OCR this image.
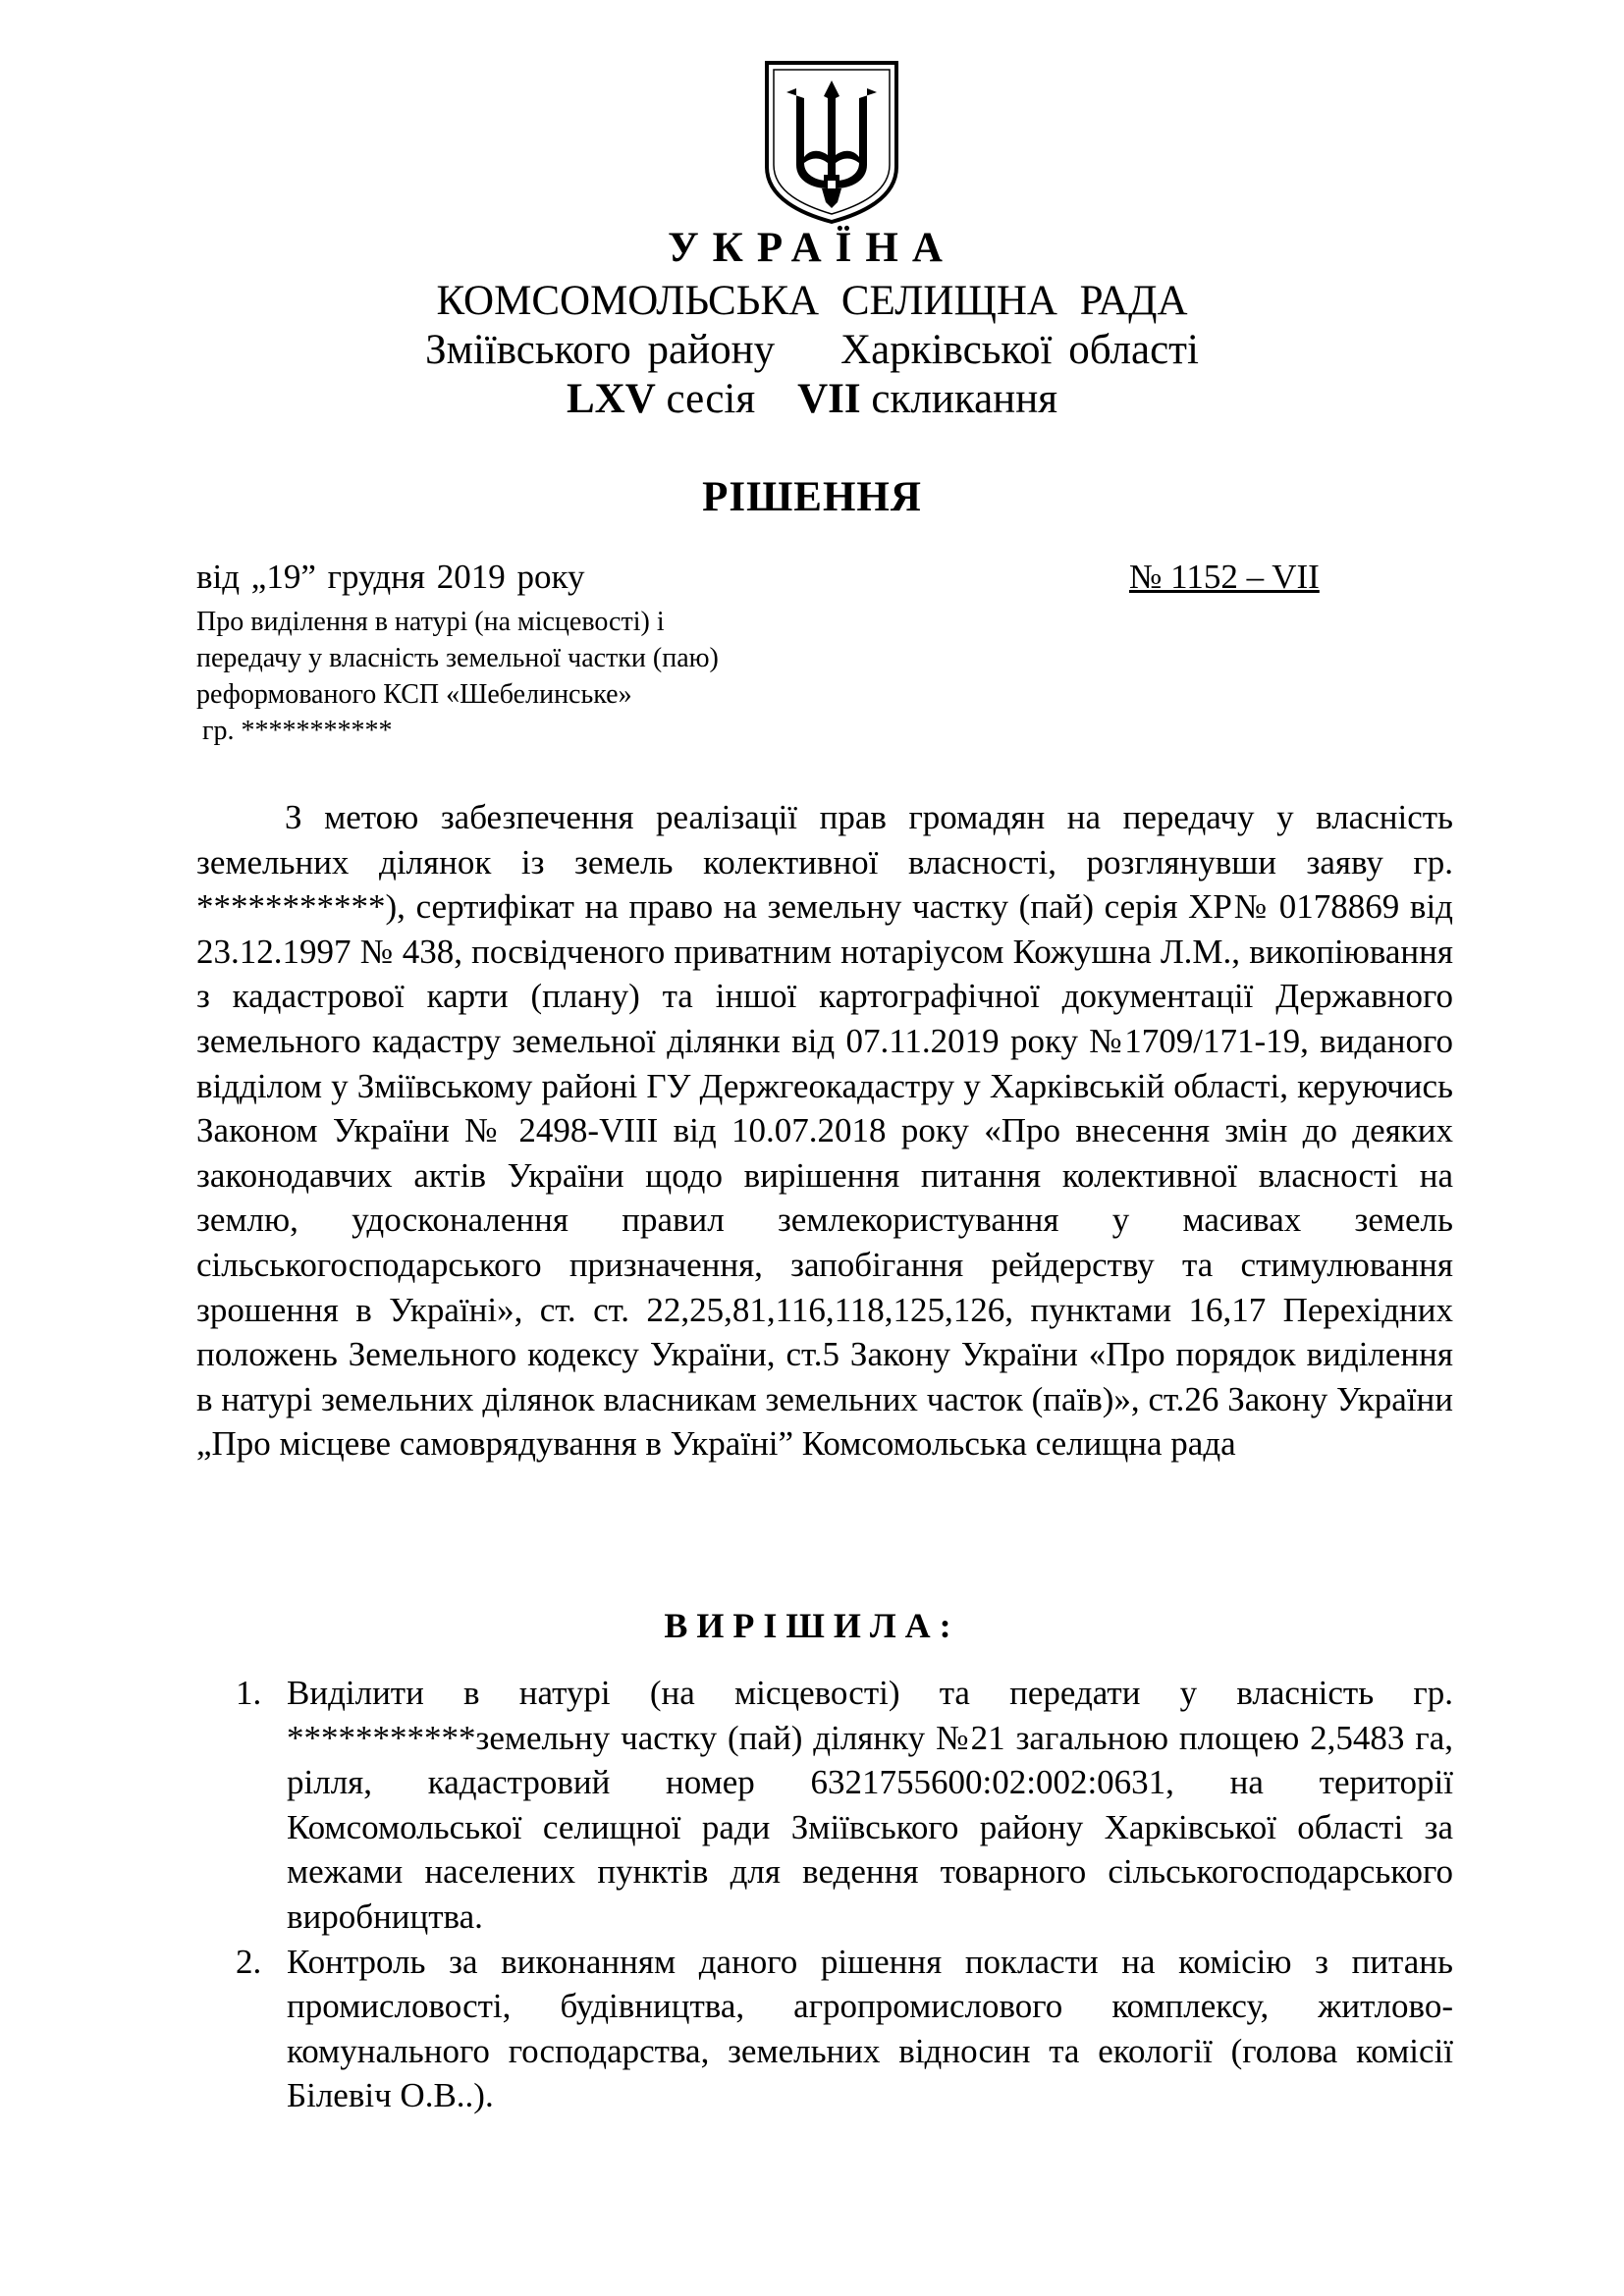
УКРАЇНА
КОМСОМОЛЬСЬКА СЕЛИЩНА РАДА
Зміївського району    Харківської області
LXV сесія VII скликання
РІШЕННЯ
від „19” грудня 2019 року	№ 1152 – VII
Про виділення в натурі (на місцевості) і
передачу у власність земельної частки (паю)
реформованого КСП «Шебелинське»
гр. ***********

З метою забезпечення реалізації прав громадян на передачу у власність земельних ділянок із земель колективної власності, розглянувши заяву гр. ***********), сертифікат на право на земельну частку (пай) серія ХР№ 0178869 від 23.12.1997 № 438, посвідченого приватним нотаріусом Кожушна Л.М., викопіювання з кадастрової карти (плану) та іншої картографічної документації Державного земельного кадастру земельної ділянки від 07.11.2019 року №1709/171-19, виданого відділом у Зміївському районі ГУ Держгеокадастру у Харківській області, керуючись Законом України № 2498-VIII від 10.07.2018 року «Про внесення змін до деяких законодавчих актів України щодо вирішення питання колективної власності на землю, удосконалення правил землекористування у масивах земель сільськогосподарського призначення, запобігання рейдерству та стимулювання зрошення в Україні», ст. ст. 22,25,81,116,118,125,126, пунктами 16,17 Перехідних положень Земельного кодексу України, ст.5 Закону України «Про порядок виділення в натурі земельних ділянок власникам земельних часток (паїв)», ст.26 Закону України „Про місцеве самоврядування в Україні” Комсомольська селищна рада

ВИРІШИЛА:
1. Виділити в натурі (на місцевості) та передати у власність гр. ***********земельну частку (пай) ділянку №21 загальною площею 2,5483 га, рілля, кадастровий номер 6321755600:02:002:0631, на території Комсомольської селищної ради Зміївського району Харківської області за межами населених пунктів для ведення товарного сільськогосподарського виробництва.
2. Контроль за виконанням даного рішення покласти на комісію з питань промисловості, будівництва, агропромислового комплексу, житлово-комунального господарства, земельних відносин та екології (голова комісії Білевіч О.В..).
